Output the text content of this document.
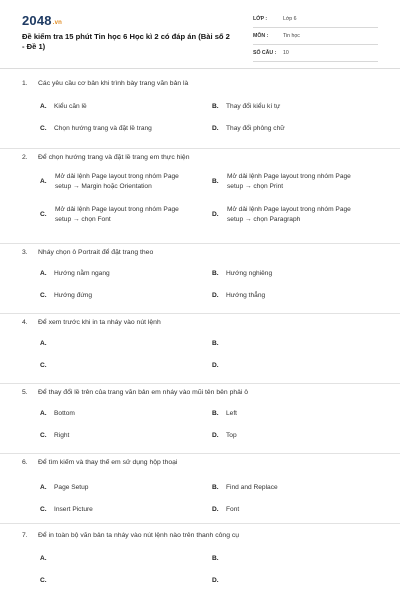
2048.vn
Đề kiểm tra 15 phút Tin học 6 Học kì 2 có đáp án (Bài số 2 - Đề 1)
LỚP :	Lớp 6
MÔN :	Tin học
SỐ CÂU : 10
1. Các yêu cầu cơ bản khi trình bày trang văn bản là
A. Kiểu căn lề	B. Thay đổi kiểu kí tự
C. Chọn hướng trang và đặt lề trang	D. Thay đổi phông chữ
2. Để chọn hướng trang và đặt lề trang em thực hiện
A.
Mở dải lệnh Page layout trong nhóm Page setup → Margin hoặc Orientation
B.
Mở dải lệnh Page layout trong nhóm Page setup → chọn Print
C.
Mở dải lệnh Page layout trong nhóm Page setup → chọn Font
D.
Mở dải lệnh Page layout trong nhóm Page setup → chọn Paragraph
3. Nháy chọn ô Portrait để đặt trang theo
A. Hướng nằm ngang	B. Hướng nghiêng
C. Hướng đứng	D. Hướng thẳng
4. Để xem trước khi in ta nháy vào nút lệnh
A.	B.
C.	D.
5. Để thay đổi lề trên của trang văn bản em nháy vào mũi tên bên phải ô
A. Bottom	B. Left
C. Right	D. Top
6. Để tìm kiếm và thay thế em sử dụng hộp thoại
A. Page Setup	B. Find and Replace
C. Insert Picture	D. Font
7. Để in toàn bộ văn bản ta nháy vào nút lệnh nào trên thanh công cụ
A.	B.
C.	D.
